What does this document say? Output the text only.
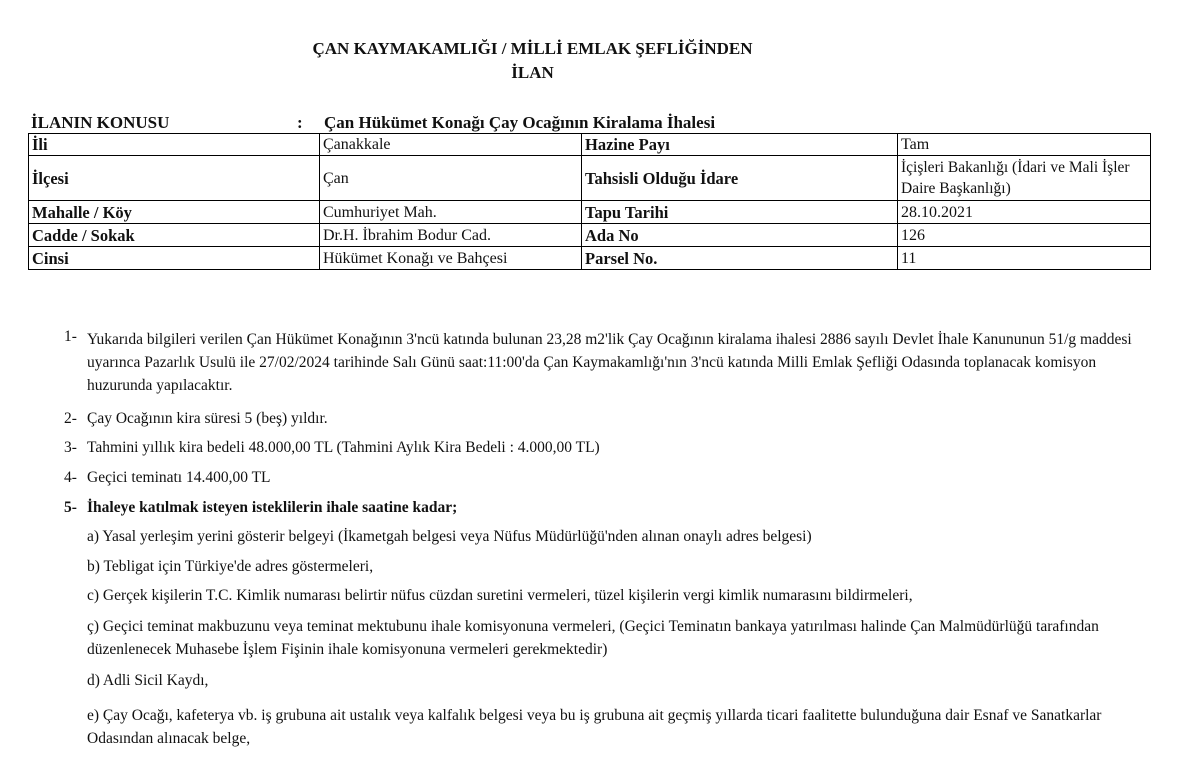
ÇAN KAYMAKAMLIĞI / MİLLİ EMLAK ŞEFLİĞİNDEN
İLAN
İLANIN KONUSU	: Çan Hükümet Konağı Çay Ocağının Kiralama İhalesi
İli	Çanakkale	Hazine Payı	Tam
İlçesi	Çan	Tahsisli Olduğu İdare	İçişleri Bakanlığı (İdari ve Mali İşler Daire Başkanlığı)
Mahalle / Köy	Cumhuriyet Mah.	Tapu Tarihi	28.10.2021
Cadde / Sokak	Dr.H. İbrahim Bodur Cad.	Ada No	126
Cinsi	Hükümet Konağı ve Bahçesi	Parsel No.	11
1- Yukarıda bilgileri verilen Çan Hükümet Konağının 3'ncü katında bulunan 23,28 m2'lik Çay Ocağının kiralama ihalesi 2886 sayılı Devlet İhale Kanununun 51/g maddesi uyarınca Pazarlık Usulü ile 27/02/2024 tarihinde Salı Günü saat:11:00'da Çan Kaymakamlığı'nın 3'ncü katında Milli Emlak Şefliği Odasında toplanacak komisyon huzurunda yapılacaktır.
2- Çay Ocağının kira süresi 5 (beş) yıldır.
3- Tahmini yıllık kira bedeli 48.000,00 TL (Tahmini Aylık Kira Bedeli : 4.000,00 TL)
4- Geçici teminatı 14.400,00 TL
5- İhaleye katılmak isteyen isteklilerin ihale saatine kadar;
a) Yasal yerleşim yerini gösterir belgeyi (İkametgah belgesi veya Nüfus Müdürlüğü'nden alınan onaylı adres belgesi)
b) Tebligat için Türkiye'de adres göstermeleri,
c) Gerçek kişilerin T.C. Kimlik numarası belirtir nüfus cüzdan suretini vermeleri, tüzel kişilerin vergi kimlik numarasını bildirmeleri,
ç) Geçici teminat makbuzunu veya teminat mektubunu ihale komisyonuna vermeleri, (Geçici Teminatın bankaya yatırılması halinde Çan Malmüdürlüğü tarafından düzenlenecek Muhasebe İşlem Fişinin ihale komisyonuna vermeleri gerekmektedir)
d) Adli Sicil Kaydı,
e) Çay Ocağı, kafeterya vb. iş grubuna ait ustalık veya kalfalık belgesi veya bu iş grubuna ait geçmiş yıllarda ticari faalitette bulunduğuna dair Esnaf ve Sanatkarlar Odasından alınacak belge,
